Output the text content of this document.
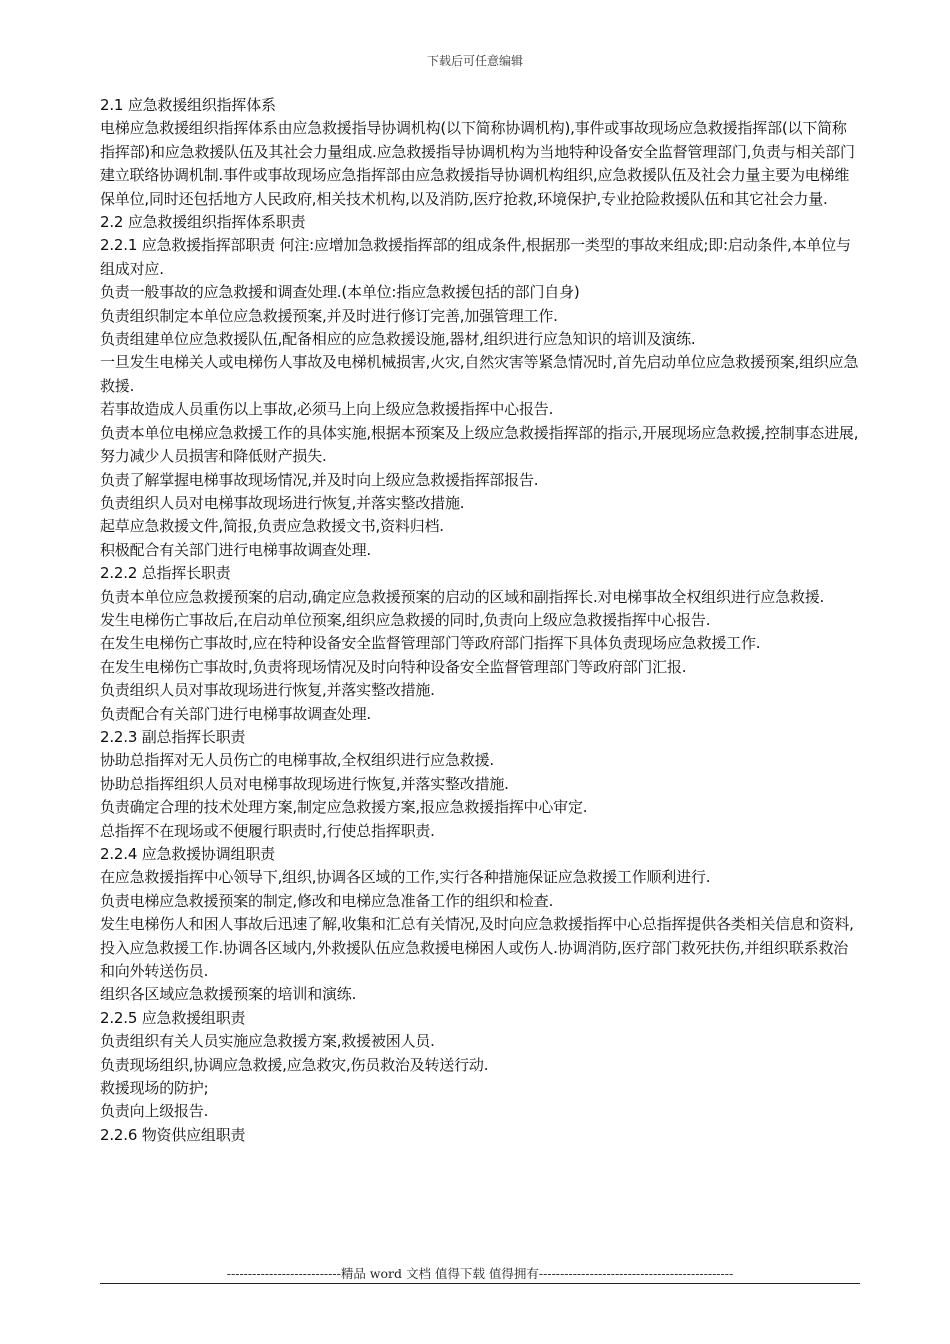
下载后可任意编辑

2.1 应急救援组织指挥体系

电梯应急救援组织指挥体系由应急救援指导协调机构(以下简称协调机构),事件或事故现场应急救援指挥部(以下简称指挥部)和应急救援队伍及其社会力量组成.应急救援指导协调机构为当地特种设备安全监督管理部门,负责与相关部门建立联络协调机制.事件或事故现场应急指挥部由应急救援指导协调机构组织,应急救援队伍及社会力量主要为电梯维保单位,同时还包括地方人民政府,相关技术机构,以及消防,医疗抢救,环境保护,专业抢险救援队伍和其它社会力量.

2.2 应急救援组织指挥体系职责

2.2.1 应急救援指挥部职责 何注:应增加急救援指挥部的组成条件,根据那一类型的事故来组成;即:启动条件,本单位与组成对应.

负责一般事故的应急救援和调查处理.(本单位:指应急救援包括的部门自身)

负责组织制定本单位应急救援预案,并及时进行修订完善,加强管理工作.

负责组建单位应急救援队伍,配备相应的应急救援设施,器材,组织进行应急知识的培训及演练.

一旦发生电梯关人或电梯伤人事故及电梯机械损害,火灾,自然灾害等紧急情况时,首先启动单位应急救援预案,组织应急救援.

若事故造成人员重伤以上事故,必须马上向上级应急救援指挥中心报告.

负责本单位电梯应急救援工作的具体实施,根据本预案及上级应急救援指挥部的指示,开展现场应急救援,控制事态进展,努力减少人员损害和降低财产损失.

负责了解掌握电梯事故现场情况,并及时向上级应急救援指挥部报告.

负责组织人员对电梯事故现场进行恢复,并落实整改措施.

起草应急救援文件,简报,负责应急救援文书,资料归档.

积极配合有关部门进行电梯事故调查处理.

2.2.2 总指挥长职责

负责本单位应急救援预案的启动,确定应急救援预案的启动的区域和副指挥长.对电梯事故全权组织进行应急救援.

发生电梯伤亡事故后,在启动单位预案,组织应急救援的同时,负责向上级应急救援指挥中心报告.

在发生电梯伤亡事故时,应在特种设备安全监督管理部门等政府部门指挥下具体负责现场应急救援工作.

在发生电梯伤亡事故时,负责将现场情况及时向特种设备安全监督管理部门等政府部门汇报.

负责组织人员对事故现场进行恢复,并落实整改措施.

负责配合有关部门进行电梯事故调查处理.

2.2.3 副总指挥长职责

协助总指挥对无人员伤亡的电梯事故,全权组织进行应急救援.

协助总指挥组织人员对电梯事故现场进行恢复,并落实整改措施.

负责确定合理的技术处理方案,制定应急救援方案,报应急救援指挥中心审定.

总指挥不在现场或不便履行职责时,行使总指挥职责.

2.2.4 应急救援协调组职责

在应急救援指挥中心领导下,组织,协调各区域的工作,实行各种措施保证应急救援工作顺利进行.

负责电梯应急救援预案的制定,修改和电梯应急准备工作的组织和检查.

发生电梯伤人和困人事故后迅速了解,收集和汇总有关情况,及时向应急救援指挥中心总指挥提供各类相关信息和资料,投入应急救援工作.协调各区域内,外救援队伍应急救援电梯困人或伤人.协调消防,医疗部门救死扶伤,并组织联系救治和向外转送伤员.

组织各区域应急救援预案的培训和演练.

2.2.5 应急救援组职责

负责组织有关人员实施应急救援方案,救援被困人员.

负责现场组织,协调应急救援,应急救灾,伤员救治及转送行动.

救援现场的防护;

负责向上级报告.

2.2.6 物资供应组职责

---------------------------精品 word 文档 值得下载 值得拥有----------------------------------------------
